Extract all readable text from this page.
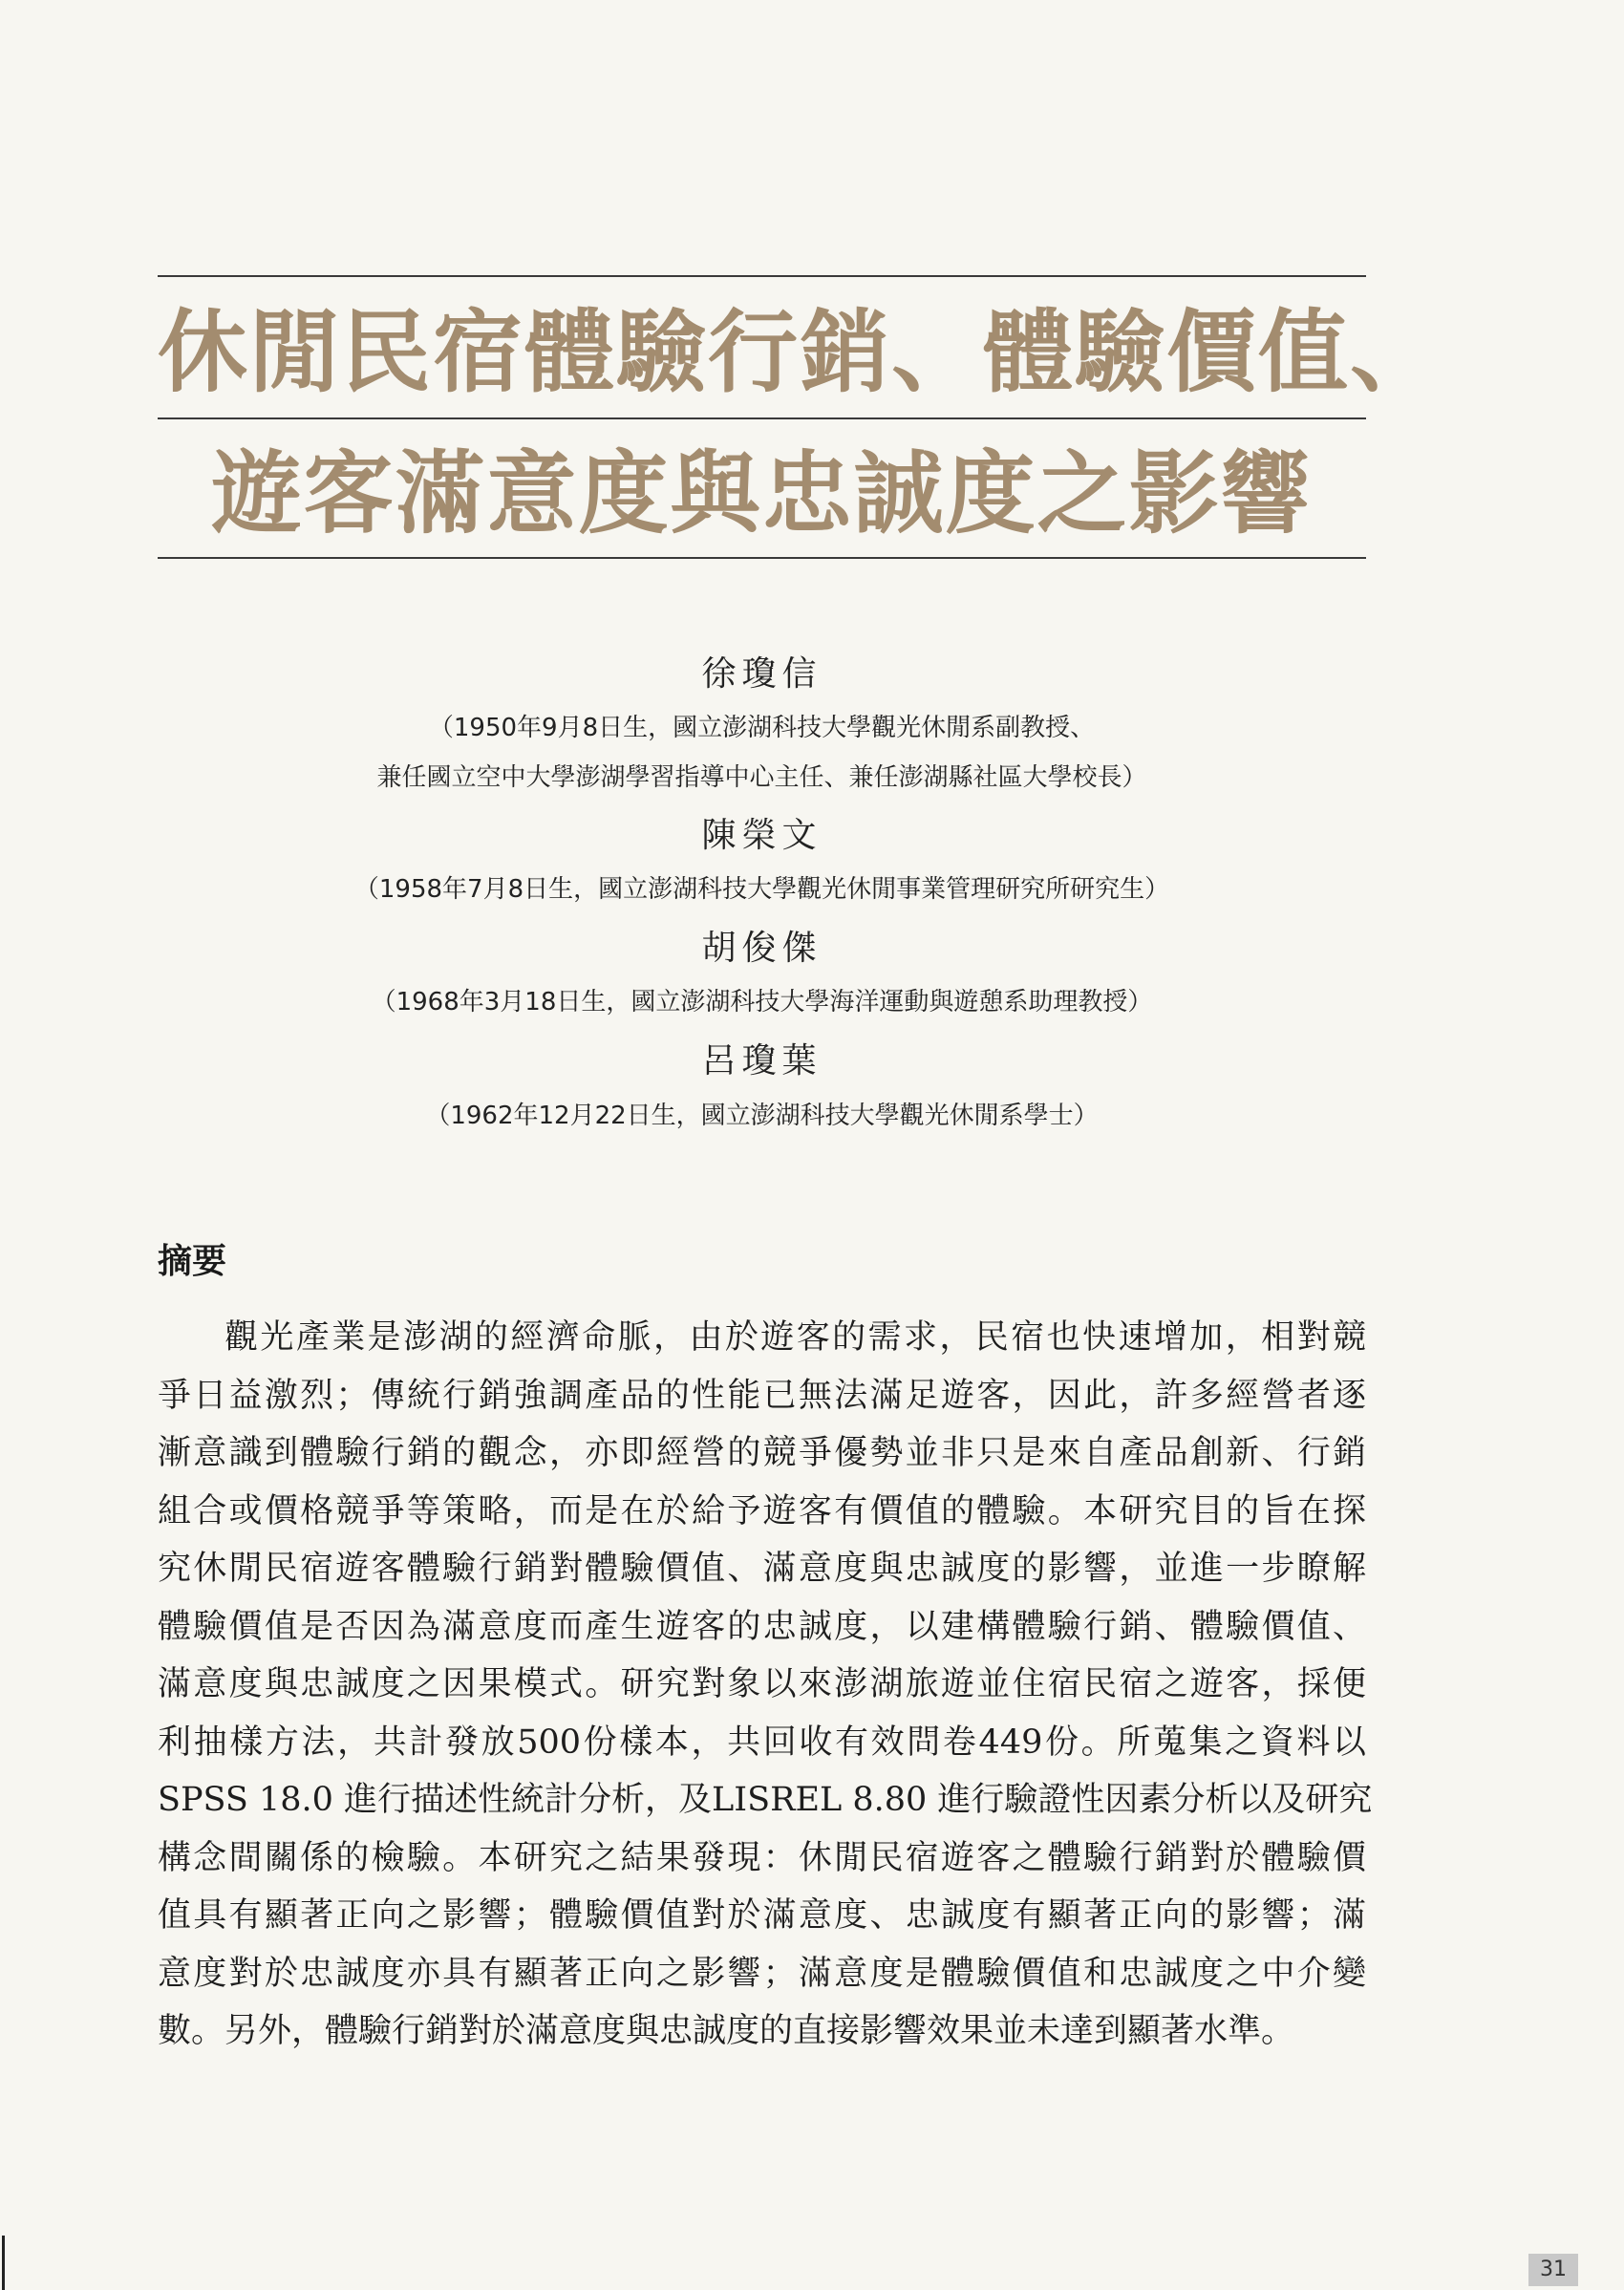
休閒民宿體驗行銷、體驗價值、
遊客滿意度與忠誠度之影響
徐瓊信
（1950年9月8日生，國立澎湖科技大學觀光休閒系副教授、
兼任國立空中大學澎湖學習指導中心主任、兼任澎湖縣社區大學校長）
陳榮文
（1958年7月8日生，國立澎湖科技大學觀光休閒事業管理研究所研究生）
胡俊傑
（1968年3月18日生，國立澎湖科技大學海洋運動與遊憩系助理教授）
呂瓊葉
（1962年12月22日生，國立澎湖科技大學觀光休閒系學士）
摘要
觀光產業是澎湖的經濟命脈，由於遊客的需求，民宿也快速增加，相對競
爭日益激烈；傳統行銷強調產品的性能已無法滿足遊客，因此，許多經營者逐
漸意識到體驗行銷的觀念，亦即經營的競爭優勢並非只是來自產品創新、行銷
組合或價格競爭等策略，而是在於給予遊客有價值的體驗。本研究目的旨在探
究休閒民宿遊客體驗行銷對體驗價值、滿意度與忠誠度的影響，並進一步瞭解
體驗價值是否因為滿意度而產生遊客的忠誠度，以建構體驗行銷、體驗價值、
滿意度與忠誠度之因果模式。研究對象以來澎湖旅遊並住宿民宿之遊客，採便
利抽樣方法，共計發放500份樣本，共回收有效問卷449份。所蒐集之資料以
SPSS 18.0 進行描述性統計分析，及LISREL 8.80 進行驗證性因素分析以及研究
構念間關係的檢驗。本研究之結果發現：休閒民宿遊客之體驗行銷對於體驗價
值具有顯著正向之影響；體驗價值對於滿意度、忠誠度有顯著正向的影響；滿
意度對於忠誠度亦具有顯著正向之影響；滿意度是體驗價值和忠誠度之中介變
數。另外，體驗行銷對於滿意度與忠誠度的直接影響效果並未達到顯著水準。
31
